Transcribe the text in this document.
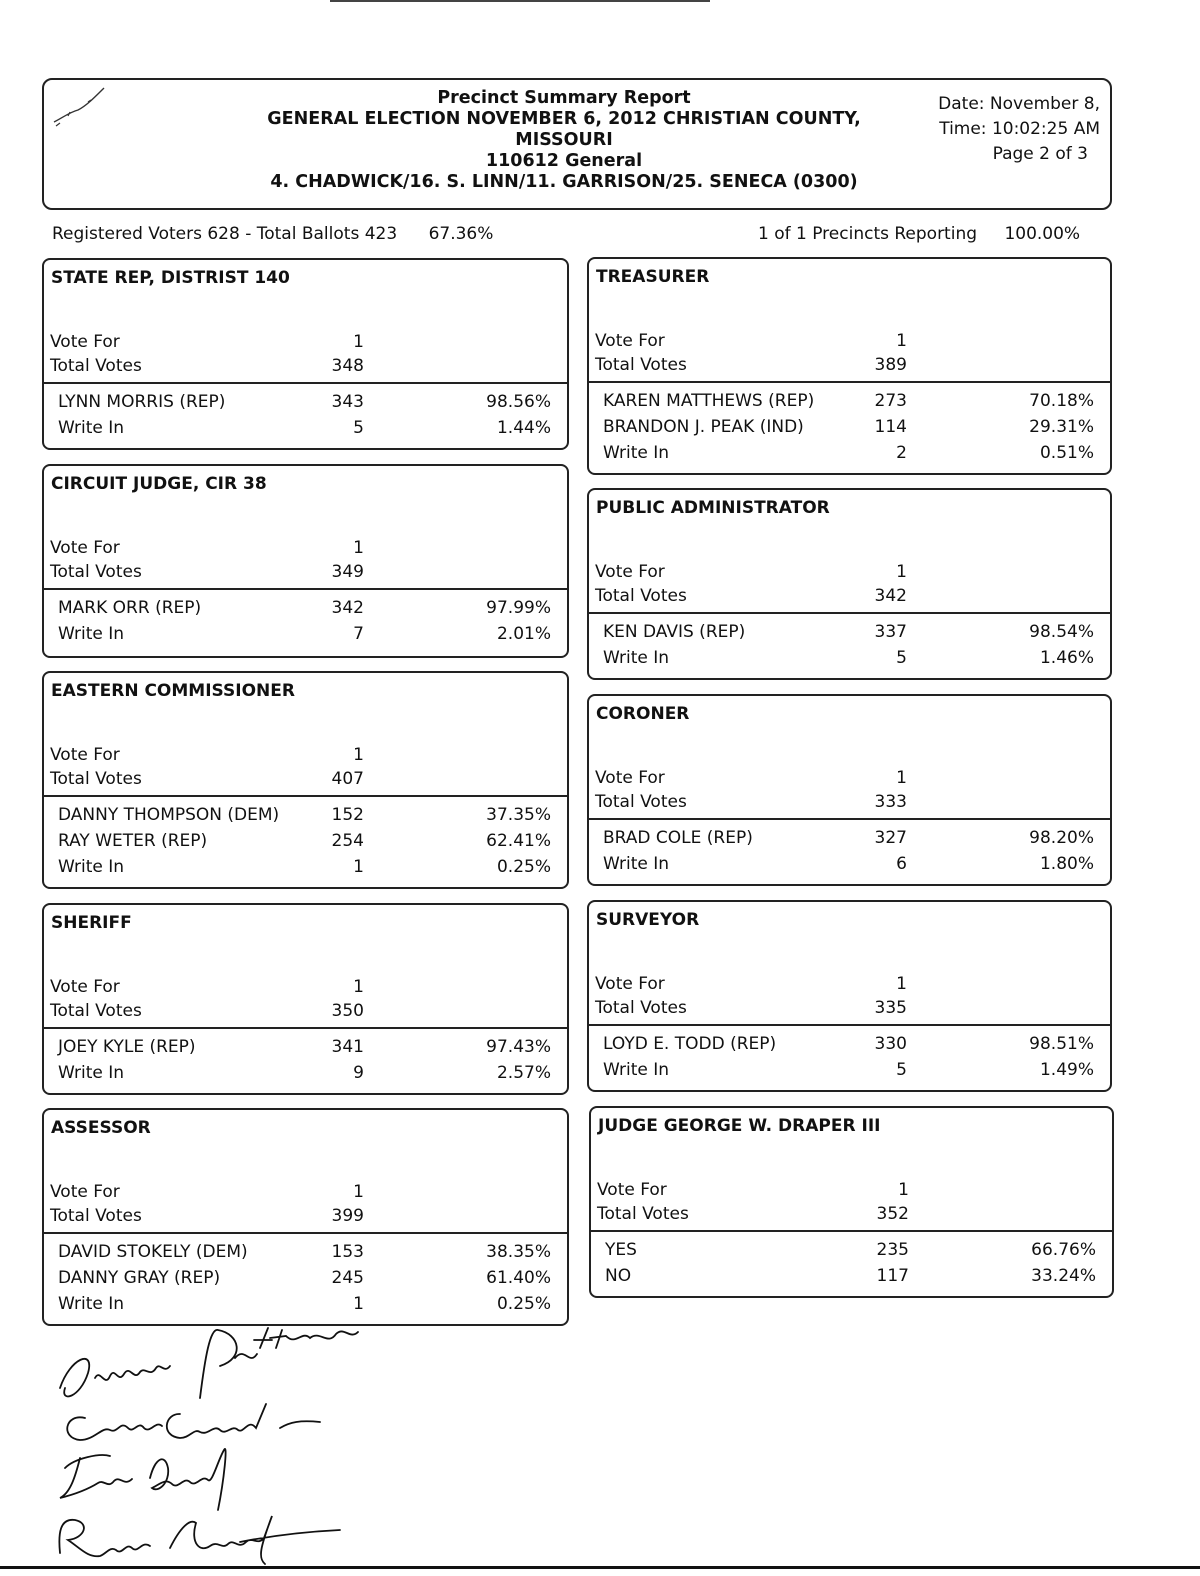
Precinct Summary Report
GENERAL ELECTION NOVEMBER 6, 2012 CHRISTIAN COUNTY,
MISSOURI
110612 General
4. CHADWICK/16. S. LINN/11. GARRISON/25. SENECA (0300)
Date: November 8,
Time: 10:02:25 AM
Page 2 of 3
Registered Voters 628 - Total Ballots 423 67.36%	1 of 1 Precincts Reporting 100.00%
STATE REP, DISTRIST 140
Vote For	1
Total Votes	348
LYNN MORRIS (REP)	343	98.56%
Write In	5	1.44%
CIRCUIT JUDGE, CIR 38
Vote For	1
Total Votes	349
MARK ORR (REP)	342	97.99%
Write In	7	2.01%
EASTERN COMMISSIONER
Vote For	1
Total Votes	407
DANNY THOMPSON (DEM)	152	37.35%
RAY WETER (REP)	254	62.41%
Write In	1	0.25%
SHERIFF
Vote For	1
Total Votes	350
JOEY KYLE (REP)	341	97.43%
Write In	9	2.57%
ASSESSOR
Vote For	1
Total Votes	399
DAVID STOKELY (DEM)	153	38.35%
DANNY GRAY (REP)	245	61.40%
Write In	1	0.25%
TREASURER
Vote For	1
Total Votes	389
KAREN MATTHEWS (REP)	273	70.18%
BRANDON J. PEAK (IND)	114	29.31%
Write In	2	0.51%
PUBLIC ADMINISTRATOR
Vote For	1
Total Votes	342
KEN DAVIS (REP)	337	98.54%
Write In	5	1.46%
CORONER
Vote For	1
Total Votes	333
BRAD COLE (REP)	327	98.20%
Write In	6	1.80%
SURVEYOR
Vote For	1
Total Votes	335
LOYD E. TODD (REP)	330	98.51%
Write In	5	1.49%
JUDGE GEORGE W. DRAPER III
Vote For	1
Total Votes	352
YES	235	66.76%
NO	117	33.24%
